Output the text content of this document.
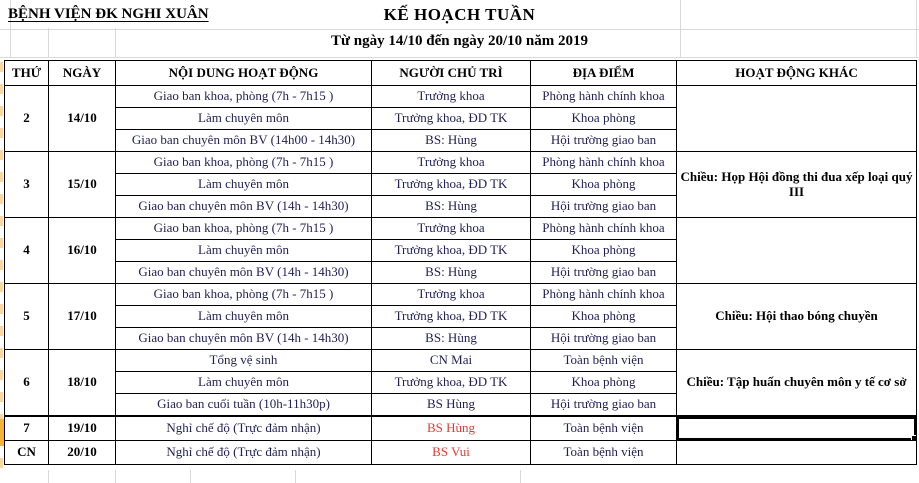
BỆNH VIỆN ĐK NGHI XUÂN	KẾ HOẠCH TUẦN
Từ ngày 14/10 đến ngày 20/10 năm 2019
THỨ	NGÀY	NỘI DUNG HOẠT ĐỘNG	NGƯỜI CHỦ TRÌ	ĐỊA ĐIỂM	HOẠT ĐỘNG KHÁC
2	14/10	Giao ban khoa, phòng (7h - 7h15 )	Trưởng khoa	Phòng hành chính khoa	
		Làm chuyên môn	Trưởng khoa, ĐD TK	Khoa phòng	
		Giao ban chuyên môn BV (14h00 - 14h30)	BS: Hùng	Hội trường giao ban	
3	15/10	Giao ban khoa, phòng (7h - 7h15 )	Trưởng khoa	Phòng hành chính khoa	Chiều: Họp Hội đồng thi đua xếp loại quý III
		Làm chuyên môn	Trưởng khoa, ĐD TK	Khoa phòng	
		Giao ban chuyên môn BV (14h - 14h30)	BS: Hùng	Hội trường giao ban	
4	16/10	Giao ban khoa, phòng (7h - 7h15 )	Trưởng khoa	Phòng hành chính khoa	
		Làm chuyên môn	Trưởng khoa, ĐD TK	Khoa phòng	
		Giao ban chuyên môn BV (14h - 14h30)	BS: Hùng	Hội trường giao ban	
5	17/10	Giao ban khoa, phòng (7h - 7h15 )	Trưởng khoa	Phòng hành chính khoa	Chiều: Hội thao bóng chuyền
		Làm chuyên môn	Trưởng khoa, ĐD TK	Khoa phòng	
		Giao ban chuyên môn BV (14h - 14h30)	BS: Hùng	Hội trường giao ban	
6	18/10	Tổng vệ sinh	CN Mai	Toàn bệnh viện	Chiều: Tập huấn chuyên môn y tế cơ sở
		Làm chuyên môn	Trưởng khoa, ĐD TK	Khoa phòng	
		Giao ban cuối tuần (10h-11h30p)	BS Hùng	Hội trường giao ban	
7	19/10	Nghỉ chế độ (Trực đảm nhận)	BS Hùng	Toàn bệnh viện	

CN	20/10	Nghỉ chế độ (Trực đảm nhận)	BS Vui	Toàn bệnh viện	
